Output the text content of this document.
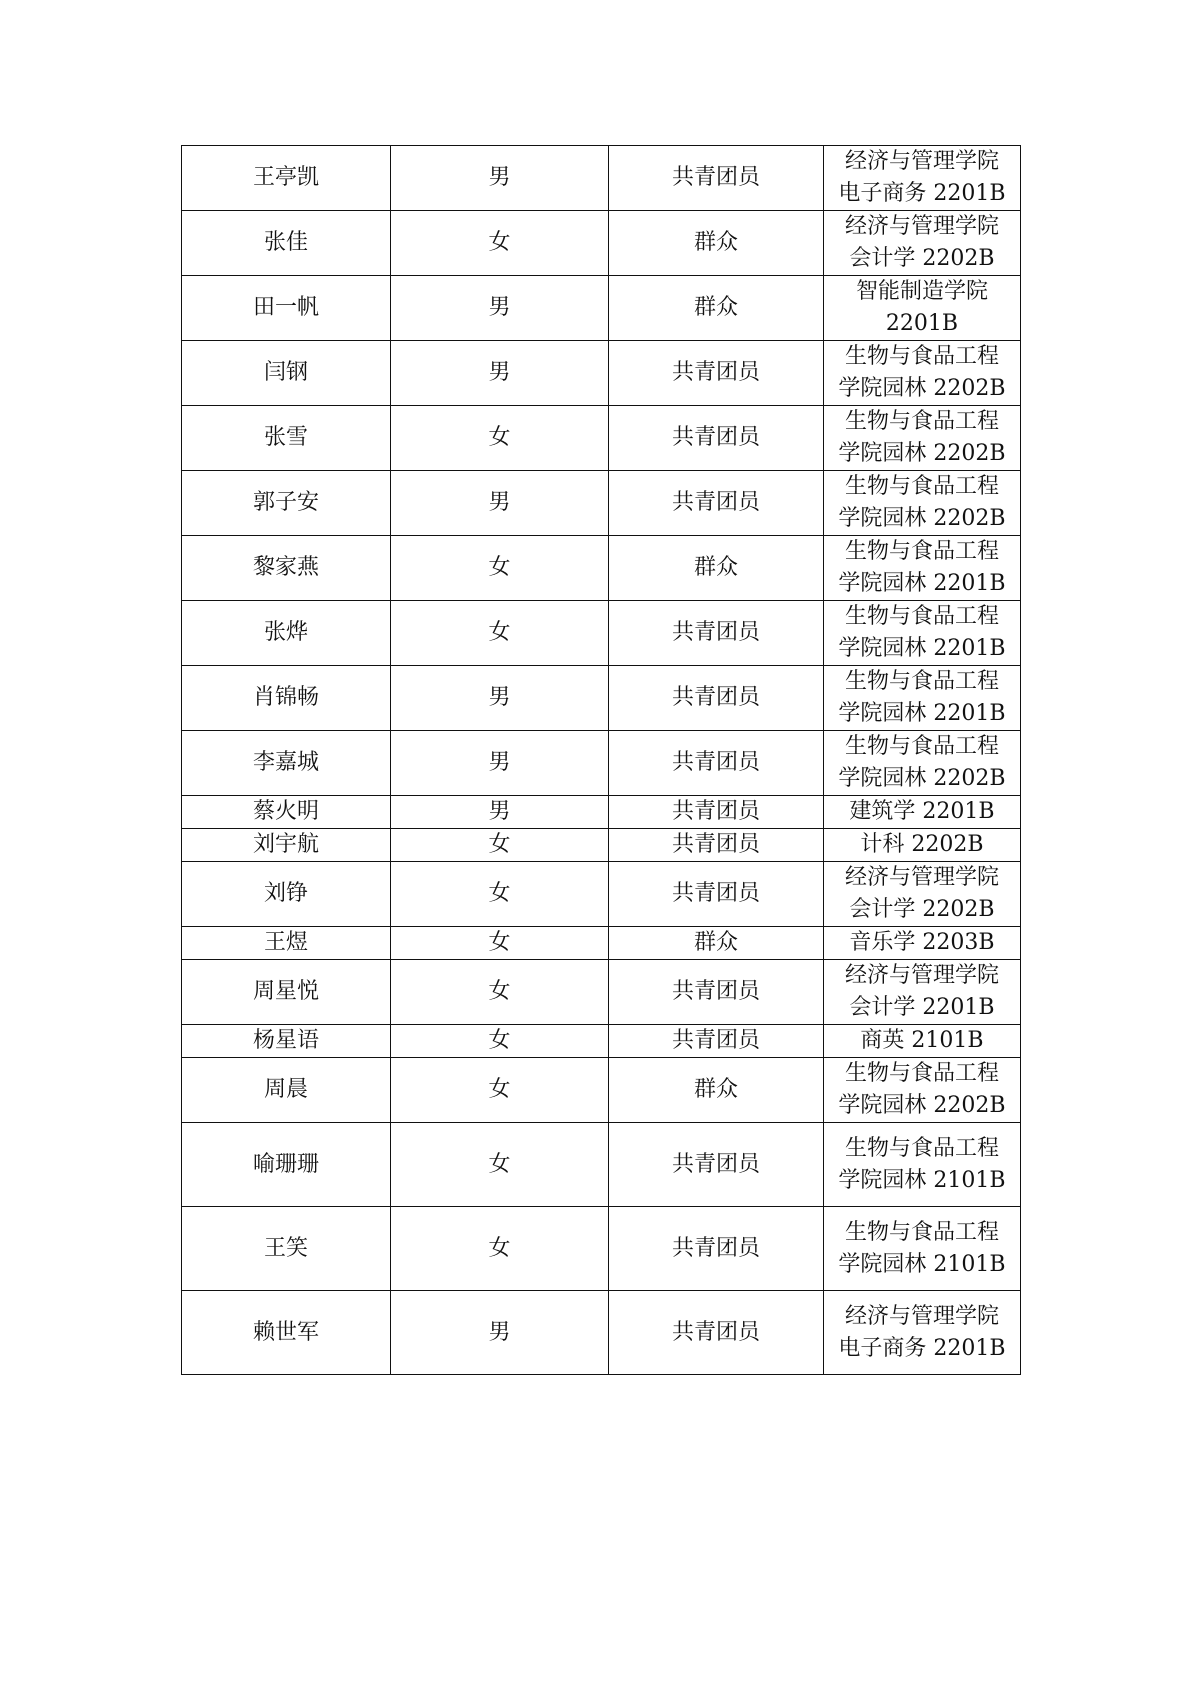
王亭凯	男	共青团员	经济与管理学院
电子商务 2201B
张佳	女	群众	经济与管理学院
会计学 2202B
田一帆	男	群众	智能制造学院
2201B
闫钢	男	共青团员	生物与食品工程
学院园林 2202B
张雪	女	共青团员	生物与食品工程
学院园林 2202B
郭子安	男	共青团员	生物与食品工程
学院园林 2202B
黎家燕	女	群众	生物与食品工程
学院园林 2201B
张烨	女	共青团员	生物与食品工程
学院园林 2201B
肖锦畅	男	共青团员	生物与食品工程
学院园林 2201B
李嘉城	男	共青团员	生物与食品工程
学院园林 2202B
蔡火明	男	共青团员	建筑学 2201B
刘宇航	女	共青团员	计科 2202B
刘铮	女	共青团员	经济与管理学院
会计学 2202B
王煜	女	群众	音乐学 2203B
周星悦	女	共青团员	经济与管理学院
会计学 2201B
杨星语	女	共青团员	商英 2101B
周晨	女	群众	生物与食品工程
学院园林 2202B
喻珊珊	女	共青团员	生物与食品工程
学院园林 2101B
王笑	女	共青团员	生物与食品工程
学院园林 2101B
赖世军	男	共青团员	经济与管理学院
电子商务 2201B
